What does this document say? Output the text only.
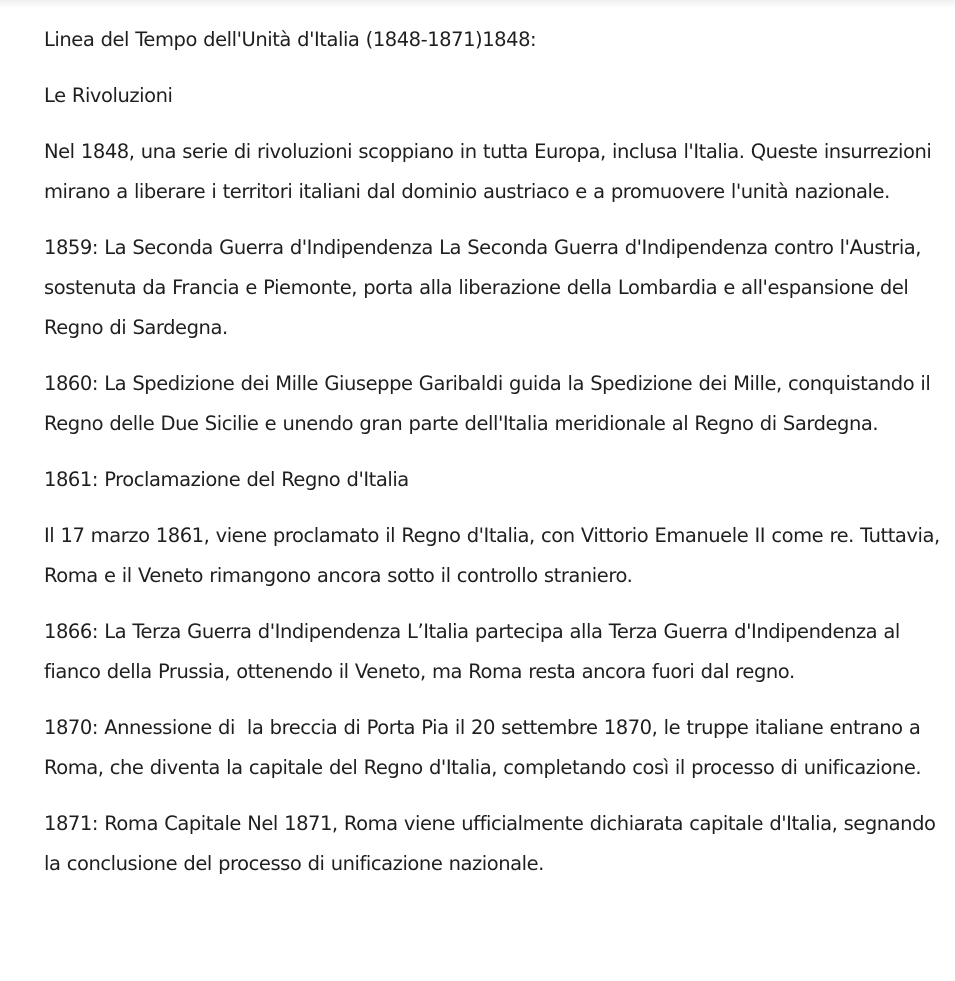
Linea del Tempo dell'Unità d'Italia (1848-1871)1848:

Le Rivoluzioni

Nel 1848, una serie di rivoluzioni scoppiano in tutta Europa, inclusa l'Italia. Queste insurrezioni mirano a liberare i territori italiani dal dominio austriaco e a promuovere l'unità nazionale.

1859: La Seconda Guerra d'Indipendenza La Seconda Guerra d'Indipendenza contro l'Austria, sostenuta da Francia e Piemonte, porta alla liberazione della Lombardia e all'espansione del Regno di Sardegna.

1860: La Spedizione dei Mille Giuseppe Garibaldi guida la Spedizione dei Mille, conquistando il Regno delle Due Sicilie e unendo gran parte dell'Italia meridionale al Regno di Sardegna.

1861: Proclamazione del Regno d'Italia

Il 17 marzo 1861, viene proclamato il Regno d'Italia, con Vittorio Emanuele II come re. Tuttavia, Roma e il Veneto rimangono ancora sotto il controllo straniero.

1866: La Terza Guerra d'Indipendenza L’Italia partecipa alla Terza Guerra d'Indipendenza al fianco della Prussia, ottenendo il Veneto, ma Roma resta ancora fuori dal regno.

1870: Annessione di la breccia di Porta Pia il 20 settembre 1870, le truppe italiane entrano a Roma, che diventa la capitale del Regno d'Italia, completando così il processo di unificazione.

1871: Roma Capitale Nel 1871, Roma viene ufficialmente dichiarata capitale d'Italia, segnando la conclusione del processo di unificazione nazionale.
